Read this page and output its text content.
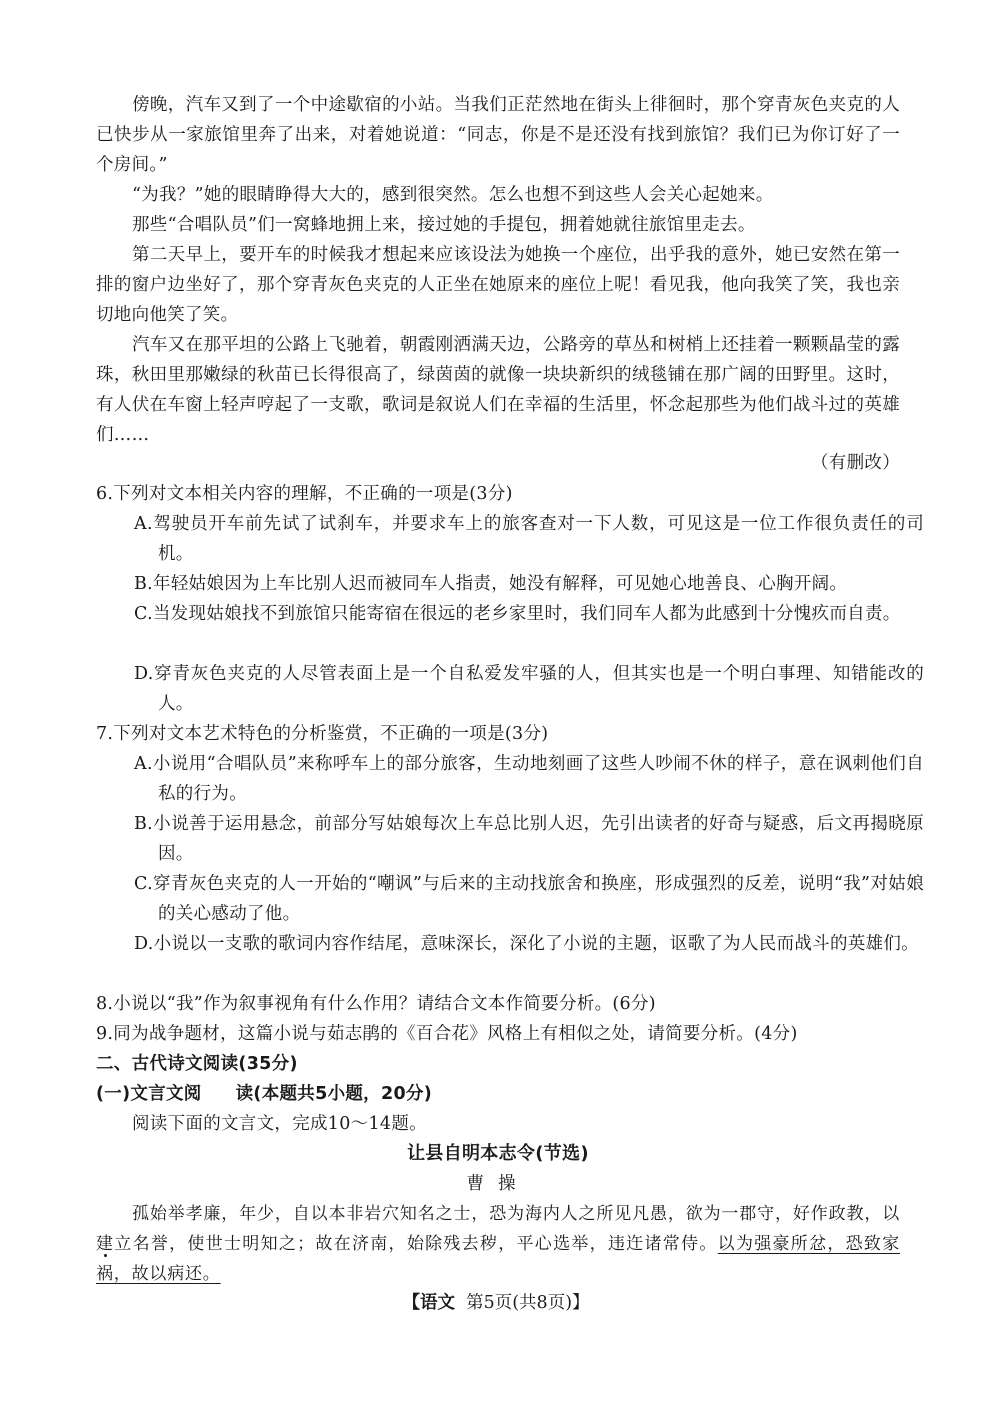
傍晚，汽车又到了一个中途歇宿的小站。当我们正茫然地在街头上徘徊时，那个穿青灰色夹克的人已快步从一家旅馆里奔了出来，对着她说道：“同志，你是不是还没有找到旅馆？我们已为你订好了一个房间。”
“为我？”她的眼睛睁得大大的，感到很突然。怎么也想不到这些人会关心起她来。
那些“合唱队员”们一窝蜂地拥上来，接过她的手提包，拥着她就往旅馆里走去。
第二天早上，要开车的时候我才想起来应该设法为她换一个座位，出乎我的意外，她已安然在第一排的窗户边坐好了，那个穿青灰色夹克的人正坐在她原来的座位上呢！看见我，他向我笑了笑，我也亲切地向他笑了笑。
汽车又在那平坦的公路上飞驰着，朝霞刚洒满天边，公路旁的草丛和树梢上还挂着一颗颗晶莹的露珠，秋田里那嫩绿的秋苗已长得很高了，绿茵茵的就像一块块新织的绒毯铺在那广阔的田野里。这时，有人伏在车窗上轻声哼起了一支歌，歌词是叙说人们在幸福的生活里，怀念起那些为他们战斗过的英雄们……
（有删改）
6.下列对文本相关内容的理解，不正确的一项是(3分)
A.驾驶员开车前先试了试刹车，并要求车上的旅客查对一下人数，可见这是一位工作很负责任的司机。
B.年轻姑娘因为上车比别人迟而被同车人指责，她没有解释，可见她心地善良、心胸开阔。
C.当发现姑娘找不到旅馆只能寄宿在很远的老乡家里时，我们同车人都为此感到十分愧疚而自责。
D.穿青灰色夹克的人尽管表面上是一个自私爱发牢骚的人，但其实也是一个明白事理、知错能改的人。
7.下列对文本艺术特色的分析鉴赏，不正确的一项是(3分)
A.小说用“合唱队员”来称呼车上的部分旅客，生动地刻画了这些人吵闹不休的样子，意在讽刺他们自私的行为。
B.小说善于运用悬念，前部分写姑娘每次上车总比别人迟，先引出读者的好奇与疑惑，后文再揭晓原因。
C.穿青灰色夹克的人一开始的“嘲讽”与后来的主动找旅舍和换座，形成强烈的反差，说明“我”对姑娘的关心感动了他。
D.小说以一支歌的歌词内容作结尾，意味深长，深化了小说的主题，讴歌了为人民而战斗的英雄们。
8.小说以“我”作为叙事视角有什么作用？请结合文本作简要分析。(6分)
9.同为战争题材，这篇小说与茹志鹃的《百合花》风格上有相似之处，请简要分析。(4分)
二、古代诗文阅读(35分)
(一)文言文阅 读(本题共5小题，20分)
阅读下面的文言文，完成10～14题。
让县自明本志令(节选)
曹操
孤始举孝廉，年少，自以本非岩穴知名之士，恐为海内人之所见凡愚，欲为一郡守，好作政教，以建立名誉，使世士明知之；故在济南，始除残去秽，平心选举，违迕诸常侍。以为强豪所忿，恐致家祸，故以病还。
【语文 第5页(共8页)】
